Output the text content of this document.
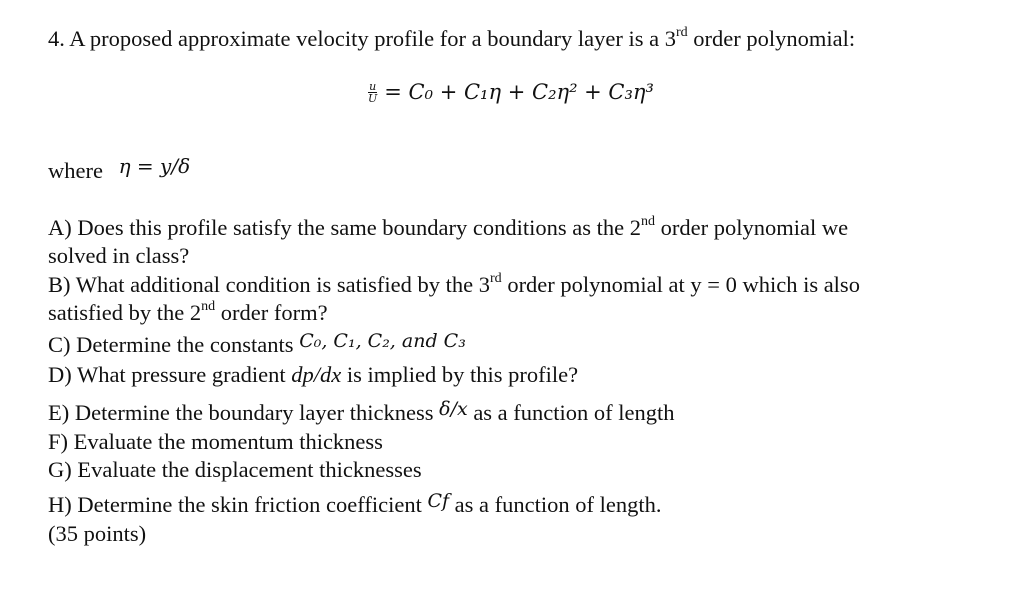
4. A proposed approximate velocity profile for a boundary layer is a 3rd order polynomial:
$\frac{u}{U} = C_0 + C_1\eta + C_2\eta^2 + C_3\eta^3$
where η = y/δ
A) Does this profile satisfy the same boundary conditions as the 2nd order polynomial we
solved in class?
B) What additional condition is satisfied by the 3rd order polynomial at y = 0 which is also
satisfied by the 2nd order form?
C) Determine the constants C₀, C₁, C₂, and C₃
D) What pressure gradient dp/dx is implied by this profile?
E) Determine the boundary layer thickness δ/x as a function of length
F) Evaluate the momentum thickness
G) Evaluate the displacement thicknesses
H) Determine the skin friction coefficient Cf as a function of length.
(35 points)
